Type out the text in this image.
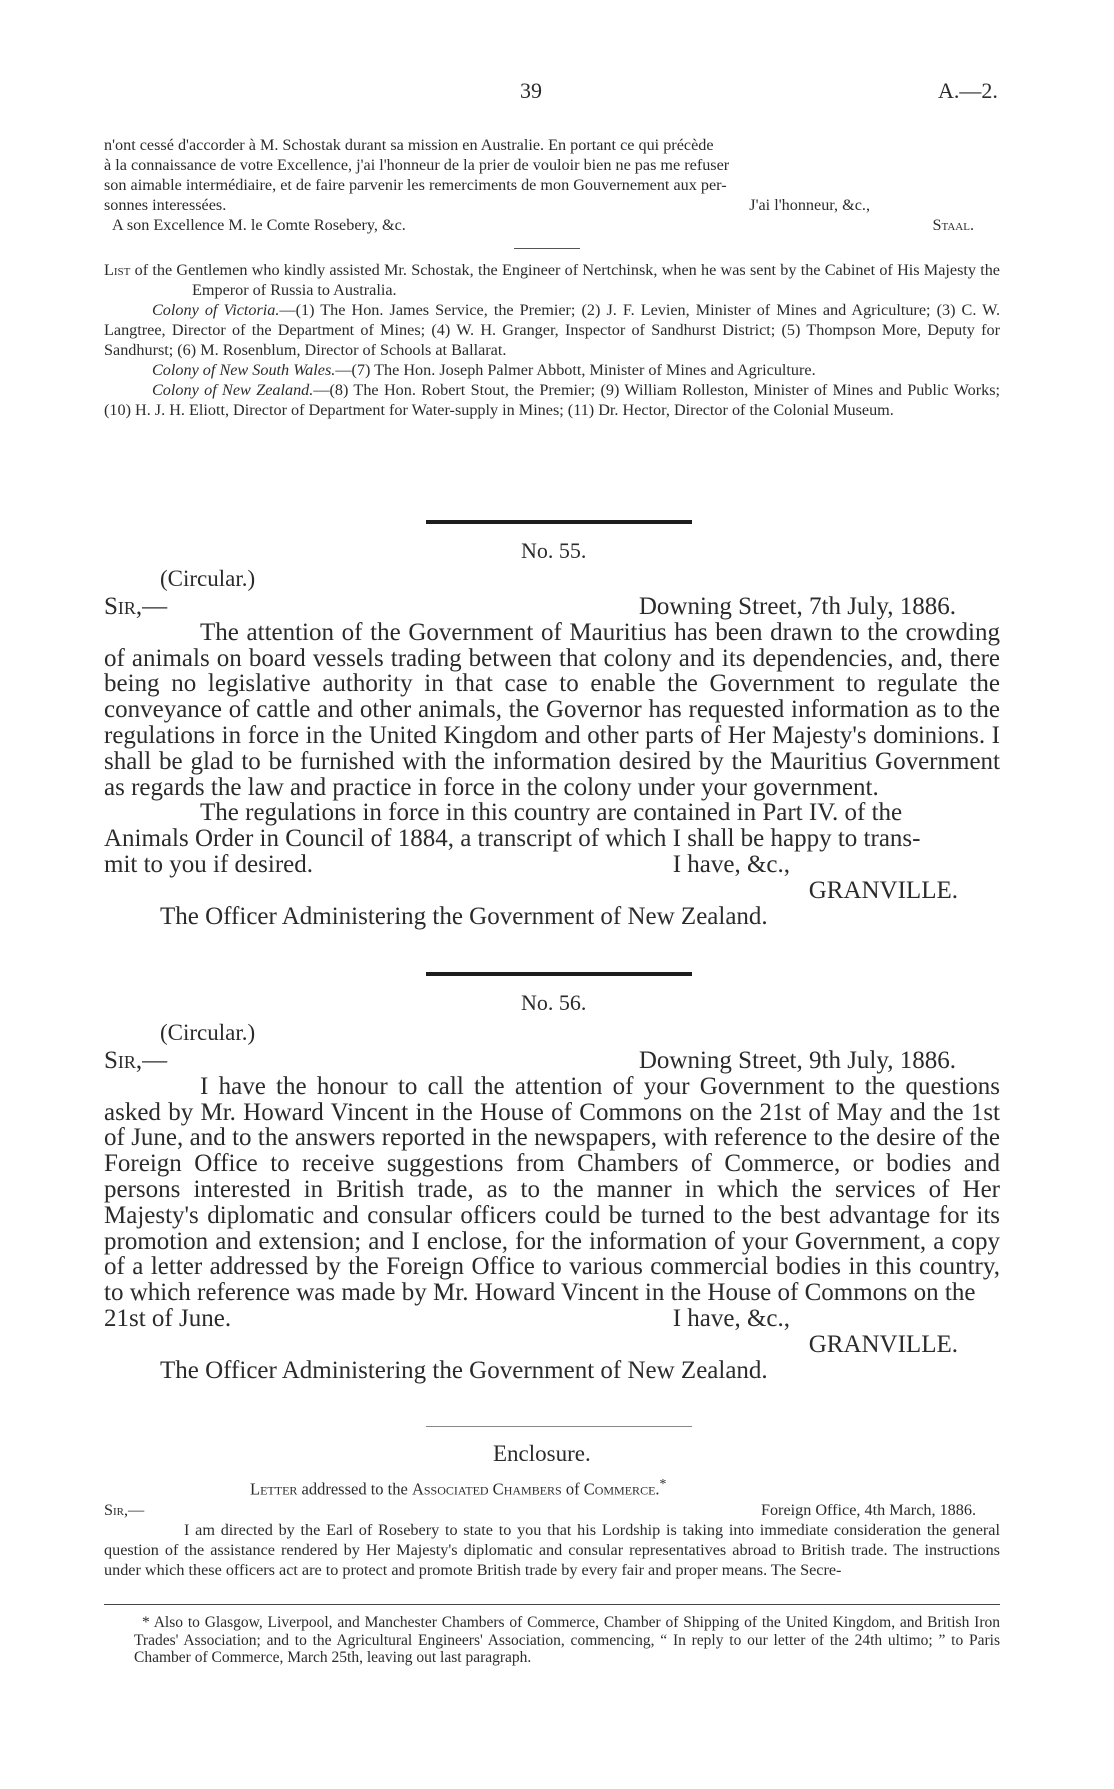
39	A.—2.

n'ont cessé d'accorder à M. Schostak durant sa mission en Australie. En portant ce qui précède

à la connaissance de votre Excellence, j'ai l'honneur de la prier de vouloir bien ne pas me refuser

son aimable intermédiaire, et de faire parvenir les remerciments de mon Gouvernement aux per-

sonnes interessées.	J'ai l'honneur, &c.,
A son Excellence M. le Comte Rosebery, &c.	Staal.

List of the Gentlemen who kindly assisted Mr. Schostak, the Engineer of Nertchinsk, when he was sent by the Cabinet of His Majesty the Emperor of Russia to Australia.

Colony of Victoria.—(1) The Hon. James Service, the Premier; (2) J. F. Levien, Minister of Mines and Agriculture; (3) C. W. Langtree, Director of the Department of Mines; (4) W. H. Granger, Inspector of Sandhurst District; (5) Thompson More, Deputy for Sandhurst; (6) M. Rosenblum, Director of Schools at Ballarat.

Colony of New South Wales.—(7) The Hon. Joseph Palmer Abbott, Minister of Mines and Agriculture.

Colony of New Zealand.—(8) The Hon. Robert Stout, the Premier; (9) William Rolleston, Minister of Mines and Public Works; (10) H. J. H. Eliott, Director of Department for Water-supply in Mines; (11) Dr. Hector, Director of the Colonial Museum.

No. 55.
(Circular.)
Sir,—	Downing Street, 7th July, 1886.

The attention of the Government of Mauritius has been drawn to the crowding of animals on board vessels trading between that colony and its dependencies, and, there being no legislative authority in that case to enable the Government to regulate the conveyance of cattle and other animals, the Governor has requested information as to the regulations in force in the United Kingdom and other parts of Her Majesty's dominions. I shall be glad to be furnished with the information desired by the Mauritius Government as regards the law and practice in force in the colony under your government.

The regulations in force in this country are contained in Part IV. of the

Animals Order in Council of 1884, a transcript of which I shall be happy to trans-

mit to you if desired.	I have, &c.,
GRANVILLE.

The Officer Administering the Government of New Zealand.

No. 56.
(Circular.)
Sir,—	Downing Street, 9th July, 1886.

I have the honour to call the attention of your Government to the questions asked by Mr. Howard Vincent in the House of Commons on the 21st of May and the 1st of June, and to the answers reported in the newspapers, with reference to the desire of the Foreign Office to receive suggestions from Chambers of Commerce, or bodies and persons interested in British trade, as to the manner in which the services of Her Majesty's diplomatic and consular officers could be turned to the best advantage for its promotion and extension; and I enclose, for the information of your Government, a copy of a letter addressed by the Foreign Office to various commercial bodies in this country, to which reference was made by Mr. Howard Vincent in the House of Commons on the

21st of June.	I have, &c.,
GRANVILLE.

The Officer Administering the Government of New Zealand.

Enclosure.
Letter addressed to the Associated Chambers of Commerce.*
Sir,—	Foreign Office, 4th March, 1886.

I am directed by the Earl of Rosebery to state to you that his Lordship is taking into immediate consideration the general question of the assistance rendered by Her Majesty's diplomatic and consular representatives abroad to British trade. The instructions under which these officers act are to protect and promote British trade by every fair and proper means. The Secre-

* Also to Glasgow, Liverpool, and Manchester Chambers of Commerce, Chamber of Shipping of the United Kingdom, and British Iron Trades' Association; and to the Agricultural Engineers' Association, commencing, “ In reply to our letter of the 24th ultimo; ” to Paris Chamber of Commerce, March 25th, leaving out last paragraph.
